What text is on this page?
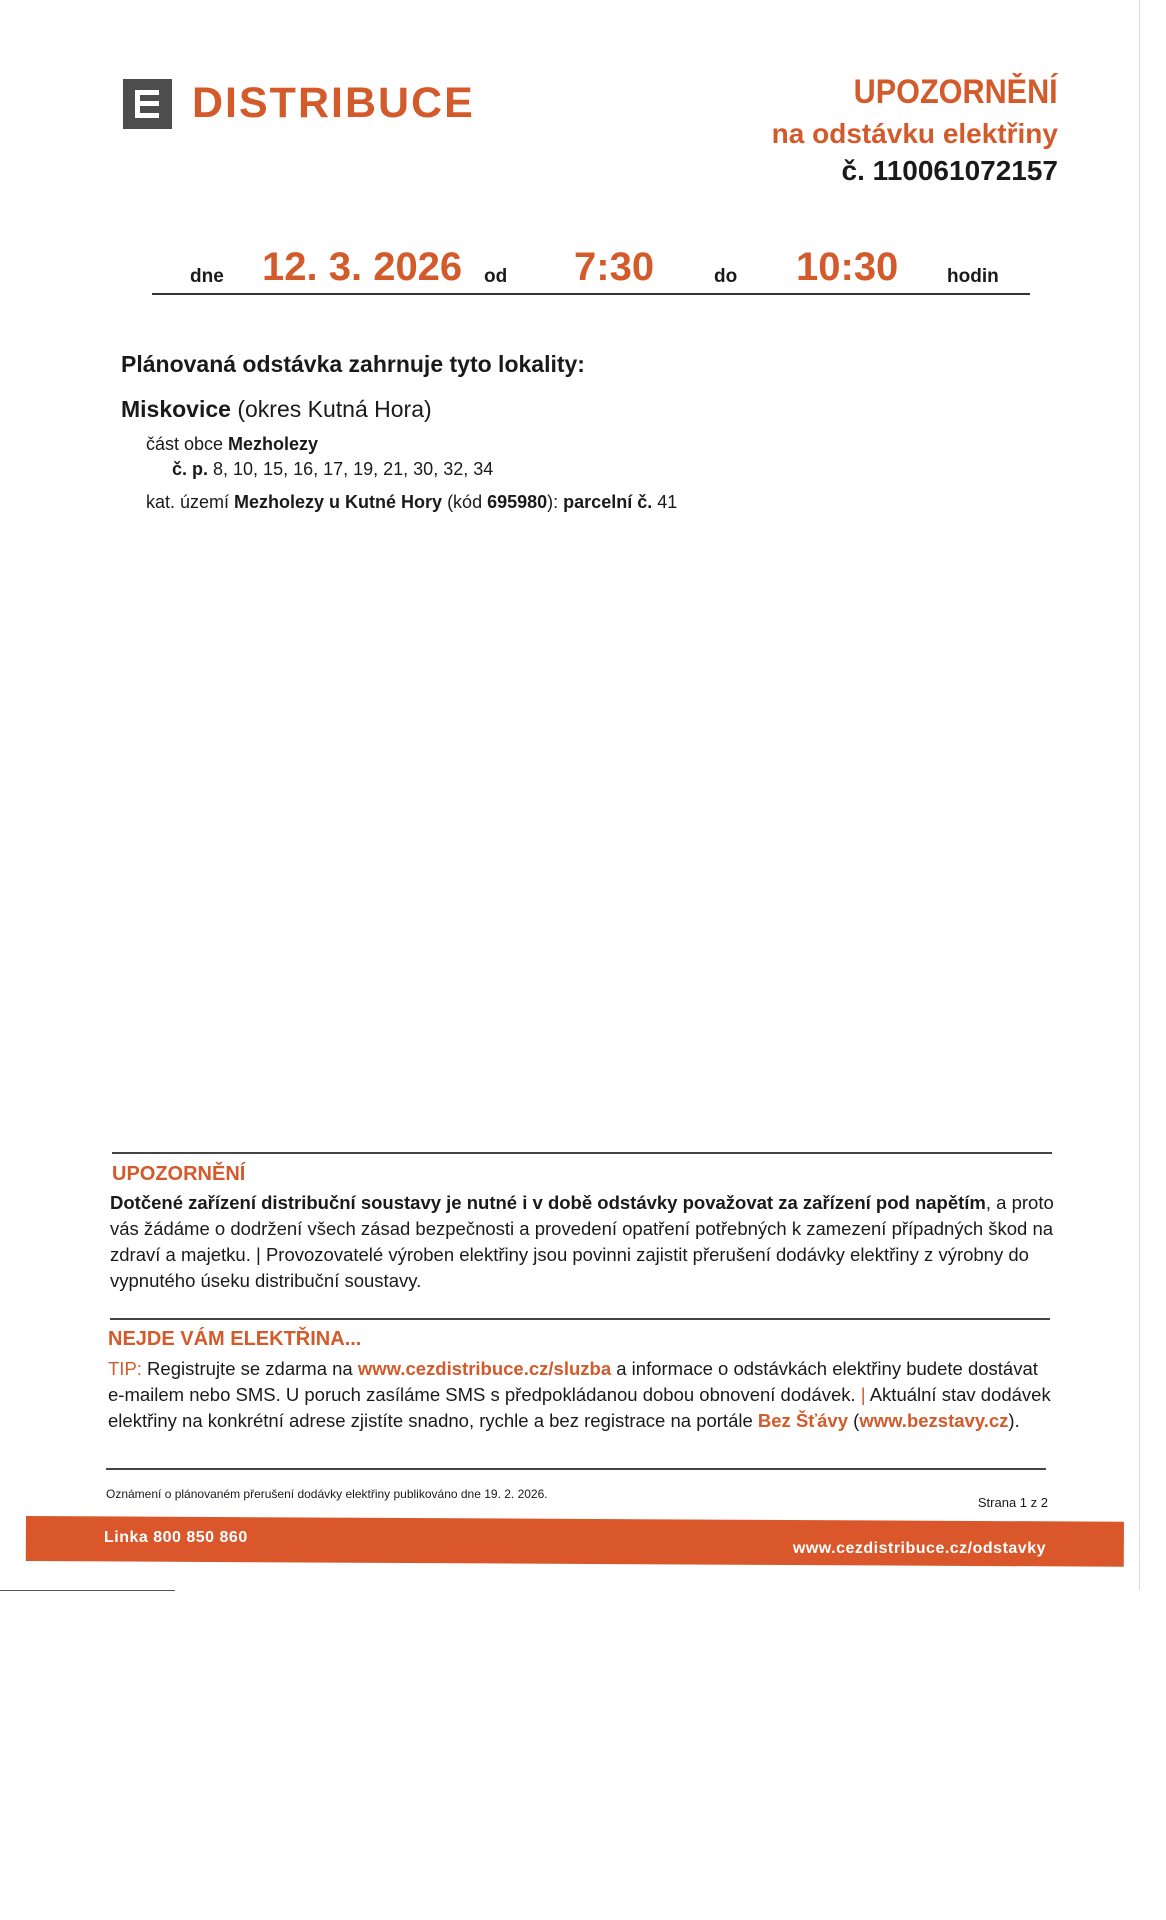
DISTRIBUCE	UPOZORNĚNÍ
na odstávku elektřiny
č. 110061072157
dne 12. 3. 2026 od 7:30	do 10:30	hodin
Plánovaná odstávka zahrnuje tyto lokality:
Miskovice (okres Kutná Hora)
část obce Mezholezy
č. p. 8, 10, 15, 16, 17, 19, 21, 30, 32, 34
kat. území Mezholezy u Kutné Hory (kód 695980): parcelní č. 41
UPOZORNĚNÍ
Dotčené zařízení distribuční soustavy je nutné i v době odstávky považovat za zařízení pod napětím, a proto
vás žádáme o dodržení všech zásad bezpečnosti a provedení opatření potřebných k zamezení případných škod na
zdraví a majetku. | Provozovatelé výroben elektřiny jsou povinni zajistit přerušení dodávky elektřiny z výrobny do
vypnutého úseku distribuční soustavy.
NEJDE VÁM ELEKTŘINA...
TIP: Registrujte se zdarma na www.cezdistribuce.cz/sluzba a informace o odstávkách elektřiny budete dostávat
e-mailem nebo SMS. U poruch zasíláme SMS s předpokládanou dobou obnovení dodávek. | Aktuální stav dodávek
elektřiny na konkrétní adrese zjistíte snadno, rychle a bez registrace na portále Bez Šťávy (www.bezstavy.cz).
Oznámení o plánovaném přerušení dodávky elektřiny publikováno dne 19. 2. 2026.
Strana 1 z 2
Linka 800 850 860
www.cezdistribuce.cz/odstavky
